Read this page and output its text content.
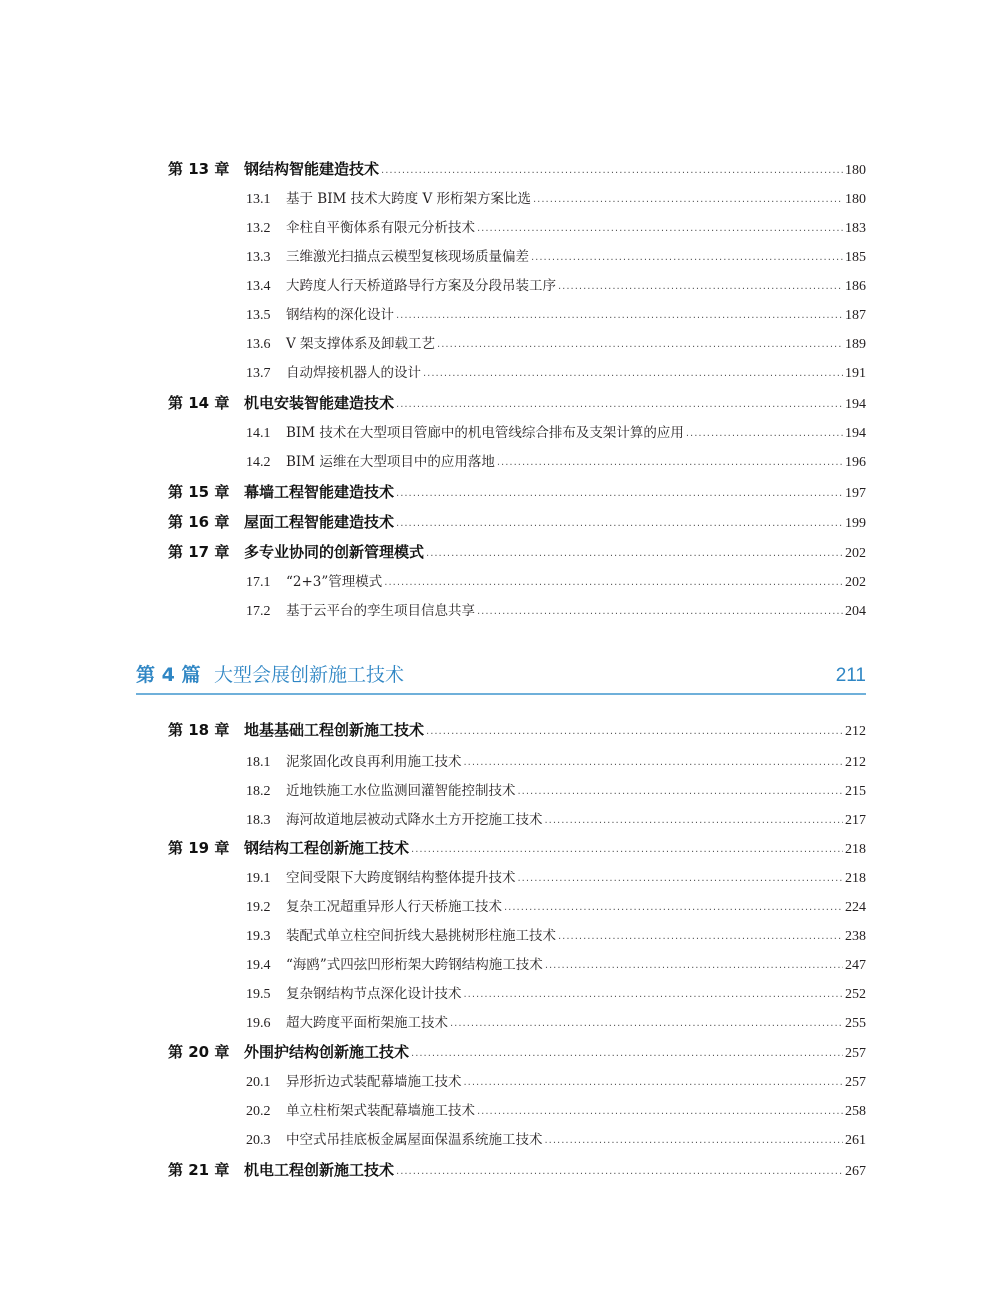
第 13 章 钢结构智能建造技术 .....	180
13.1	基于 BIM 技术大跨度 V 形桁架方案比选 .....	180
13.2	伞柱自平衡体系有限元分析技术 .....	183
13.3	三维激光扫描点云模型复核现场质量偏差 .....	185
13.4	大跨度人行天桥道路导行方案及分段吊装工序 .....	186
13.5	钢结构的深化设计 .....	187
13.6	V 架支撑体系及卸载工艺 .....	189
13.7	自动焊接机器人的设计 .....	191
第 14 章 机电安装智能建造技术 .....	194
14.1	BIM 技术在大型项目管廊中的机电管线综合排布及支架计算的应用 .....	194
14.2	BIM 运维在大型项目中的应用落地 .....	196
第 15 章 幕墙工程智能建造技术 .....	197
第 16 章 屋面工程智能建造技术 .....	199
第 17 章 多专业协同的创新管理模式 .....	202
17.1	“2+3”管理模式 .....	202
17.2	基于云平台的孪生项目信息共享 .....	204
第 4 篇 大型会展创新施工技术	211
第 18 章 地基基础工程创新施工技术 .....	212
18.1	泥浆固化改良再利用施工技术 .....	212
18.2	近地铁施工水位监测回灌智能控制技术 .....	215
18.3	海河故道地层被动式降水土方开挖施工技术 .....	217
第 19 章 钢结构工程创新施工技术 .....	218
19.1	空间受限下大跨度钢结构整体提升技术 .....	218
19.2	复杂工况超重异形人行天桥施工技术 .....	224
19.3	装配式单立柱空间折线大悬挑树形柱施工技术 .....	238
19.4	“海鸥”式四弦凹形桁架大跨钢结构施工技术 .....	247
19.5	复杂钢结构节点深化设计技术 .....	252
19.6	超大跨度平面桁架施工技术 .....	255
第 20 章 外围护结构创新施工技术 .....	257
20.1	异形折边式装配幕墙施工技术 .....	257
20.2	单立柱桁架式装配幕墙施工技术 .....	258
20.3	中空式吊挂底板金属屋面保温系统施工技术 .....	261
第 21 章 机电工程创新施工技术 .....	267
